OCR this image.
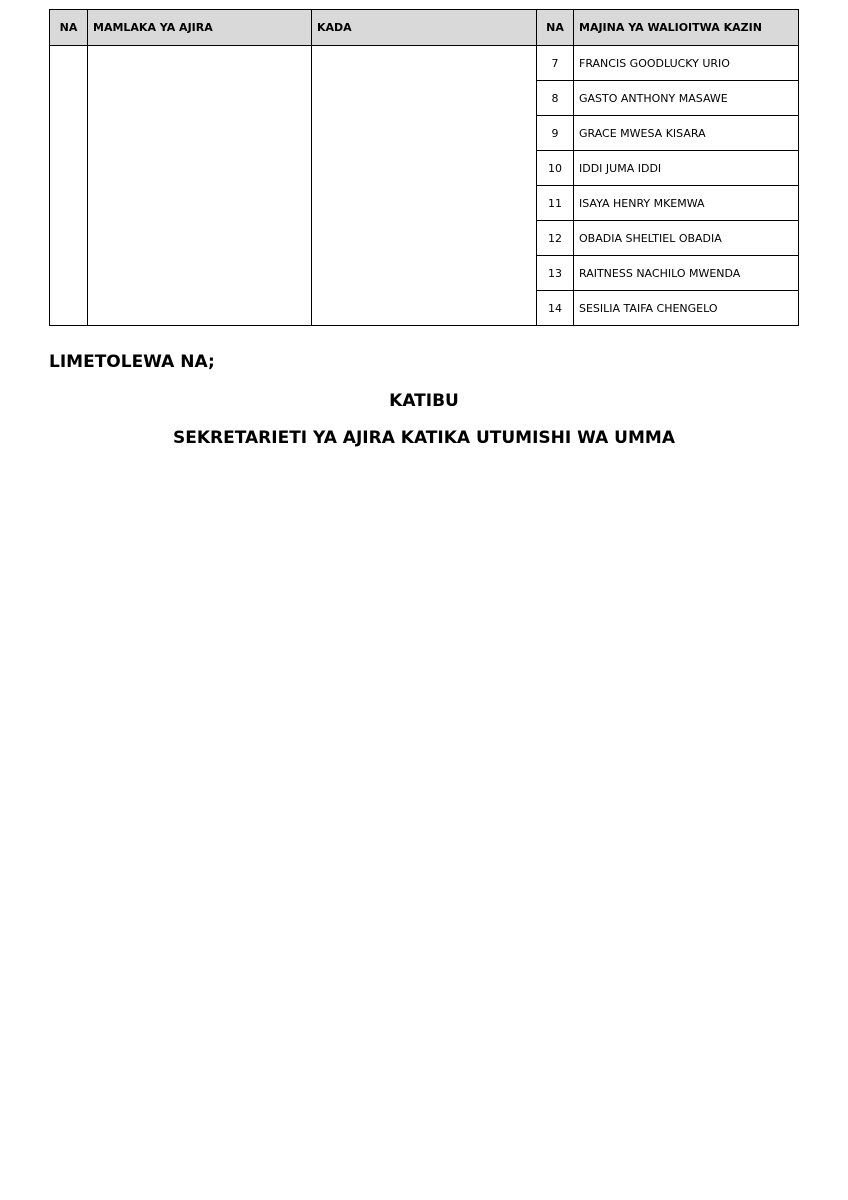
NA	MAMLAKA YA AJIRA	KADA	NA	MAJINA YA WALIOITWA KAZIN
			7	FRANCIS GOODLUCKY URIO
			8	GASTO ANTHONY MASAWE
			9	GRACE MWESA KISARA
			10	IDDI JUMA IDDI
			11	ISAYA HENRY MKEMWA
			12	OBADIA SHELTIEL OBADIA
			13	RAITNESS NACHILO MWENDA
			14	SESILIA TAIFA CHENGELO
LIMETOLEWA NA;
KATIBU
SEKRETARIETI YA AJIRA KATIKA UTUMISHI WA UMMA
